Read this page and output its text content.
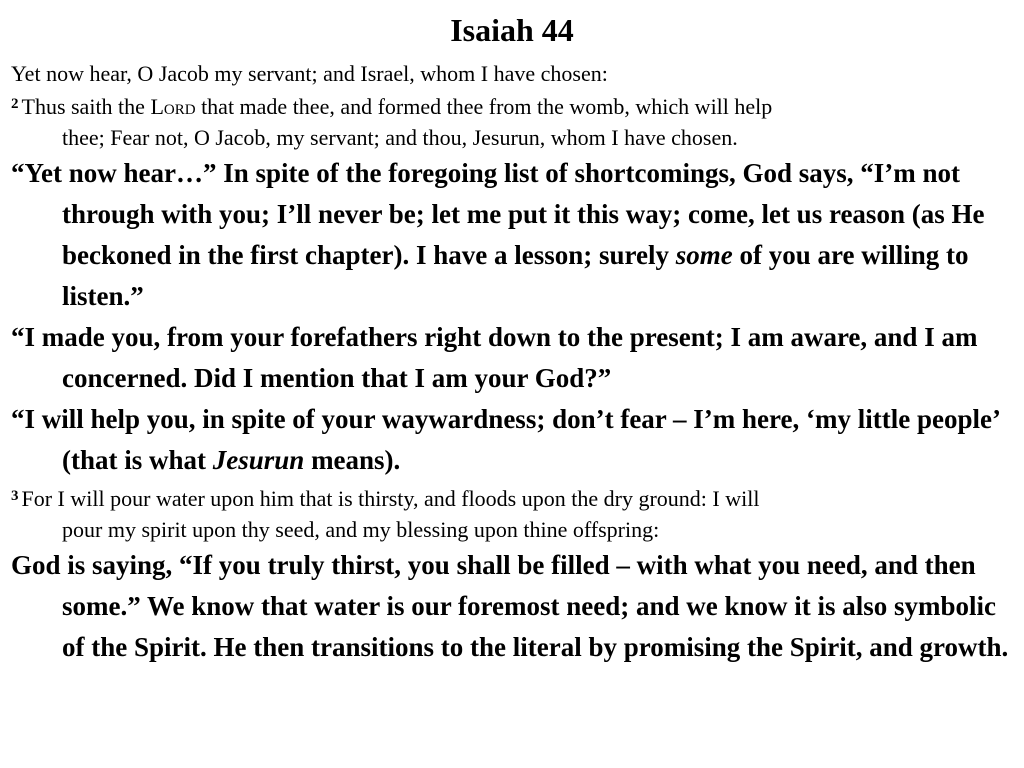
Isaiah 44
Yet now hear, O Jacob my servant; and Israel, whom I have chosen:
$^2$ Thus saith the Lord that made thee, and formed thee from the womb, which will help
thee; Fear not, O Jacob, my servant; and thou, Jesurun, whom I have chosen.
“Yet now hear…” In spite of the foregoing list of shortcomings, God says, “I’m not through with you; I’ll never be; let me put it this way; come, let us reason (as He beckoned in the first chapter). I have a lesson; surely some of you are willing to listen.”
“I made you, from your forefathers right down to the present; I am aware, and I am concerned. Did I mention that I am your God?”
“I will help you, in spite of your waywardness; don’t fear – I’m here, ‘my little people’ (that is what Jesurun means).
$^3$ For I will pour water upon him that is thirsty, and floods upon the dry ground: I will
pour my spirit upon thy seed, and my blessing upon thine offspring:
God is saying, “If you truly thirst, you shall be filled – with what you need, and then some.” We know that water is our foremost need; and we know it is also symbolic of the Spirit. He then transitions to the literal by promising the Spirit, and growth.
